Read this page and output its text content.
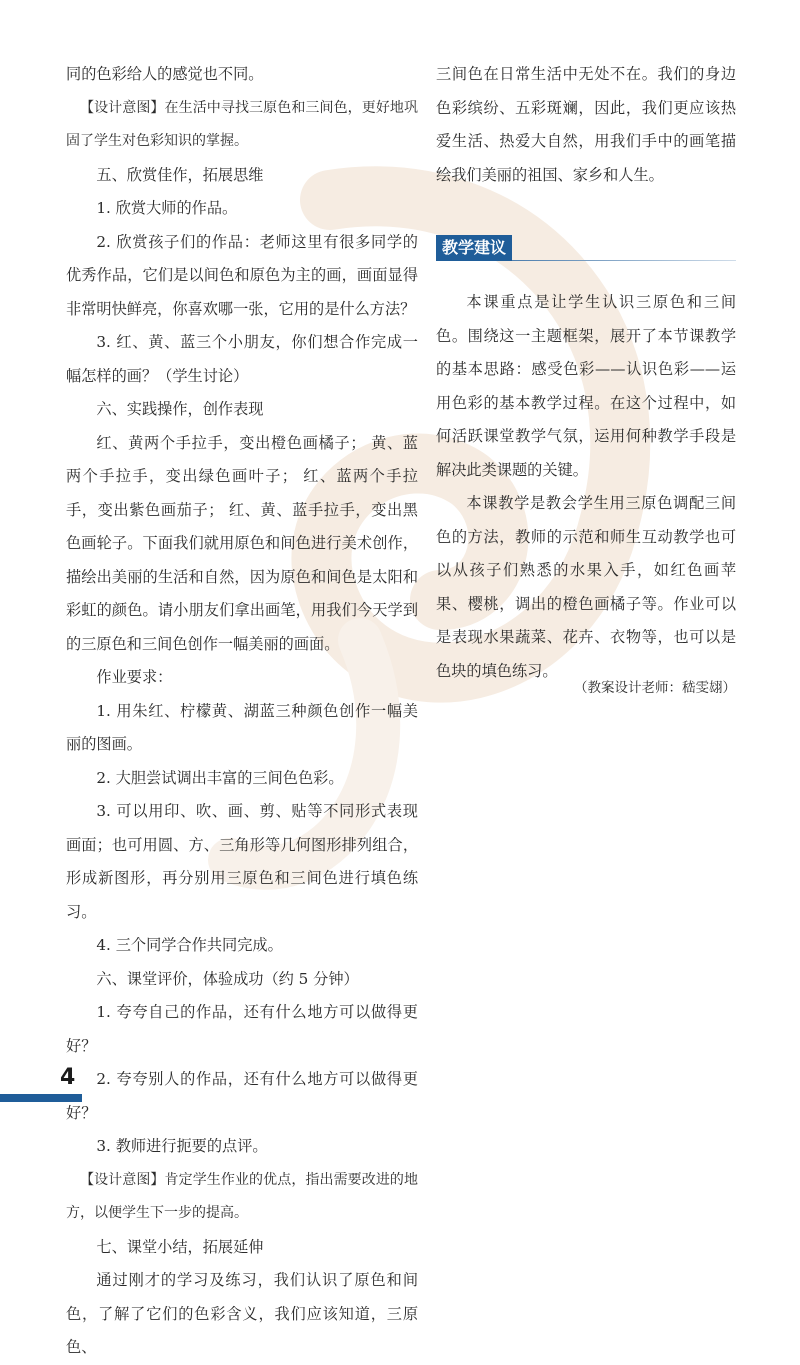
同的色彩给人的感觉也不同。

【设计意图】在生活中寻找三原色和三间色，更好地巩固了学生对色彩知识的掌握。

五、欣赏佳作，拓展思维

1. 欣赏大师的作品。

2. 欣赏孩子们的作品：老师这里有很多同学的优秀作品，它们是以间色和原色为主的画，画面显得非常明快鲜亮，你喜欢哪一张，它用的是什么方法？

3. 红、黄、蓝三个小朋友，你们想合作完成一幅怎样的画？（学生讨论）

六、实践操作，创作表现

红、黄两个手拉手，变出橙色画橘子； 黄、蓝两个手拉手，变出绿色画叶子； 红、蓝两个手拉手，变出紫色画茄子； 红、黄、蓝手拉手，变出黑色画轮子。下面我们就用原色和间色进行美术创作，描绘出美丽的生活和自然，因为原色和间色是太阳和彩虹的颜色。请小朋友们拿出画笔，用我们今天学到的三原色和三间色创作一幅美丽的画面。

作业要求：

1. 用朱红、柠檬黄、湖蓝三种颜色创作一幅美丽的图画。

2. 大胆尝试调出丰富的三间色色彩。

3. 可以用印、吹、画、剪、贴等不同形式表现画面；也可用圆、方、三角形等几何图形排列组合，形成新图形，再分别用三原色和三间色进行填色练习。

4. 三个同学合作共同完成。

六、课堂评价，体验成功（约 5 分钟）

1. 夸夸自己的作品，还有什么地方可以做得更好？

2. 夸夸别人的作品，还有什么地方可以做得更好？

3. 教师进行扼要的点评。

【设计意图】肯定学生作业的优点，指出需要改进的地方，以便学生下一步的提高。

七、课堂小结，拓展延伸

通过刚才的学习及练习，我们认识了原色和间色，了解了它们的色彩含义，我们应该知道，三原色、

三间色在日常生活中无处不在。我们的身边色彩缤纷、五彩斑斓，因此，我们更应该热爱生活、热爱大自然，用我们手中的画笔描绘我们美丽的祖国、家乡和人生。

教学建议

本课重点是让学生认识三原色和三间色。围绕这一主题框架，展开了本节课教学的基本思路：感受色彩——认识色彩——运用色彩的基本教学过程。在这个过程中，如何活跃课堂教学气氛，运用何种教学手段是解决此类课题的关键。

本课教学是教会学生用三原色调配三间色的方法，教师的示范和师生互动教学也可以从孩子们熟悉的水果入手，如红色画苹果、樱桃，调出的橙色画橘子等。作业可以是表现水果蔬菜、花卉、衣物等，也可以是色块的填色练习。

（教案设计老师：嵇雯翃）
4
